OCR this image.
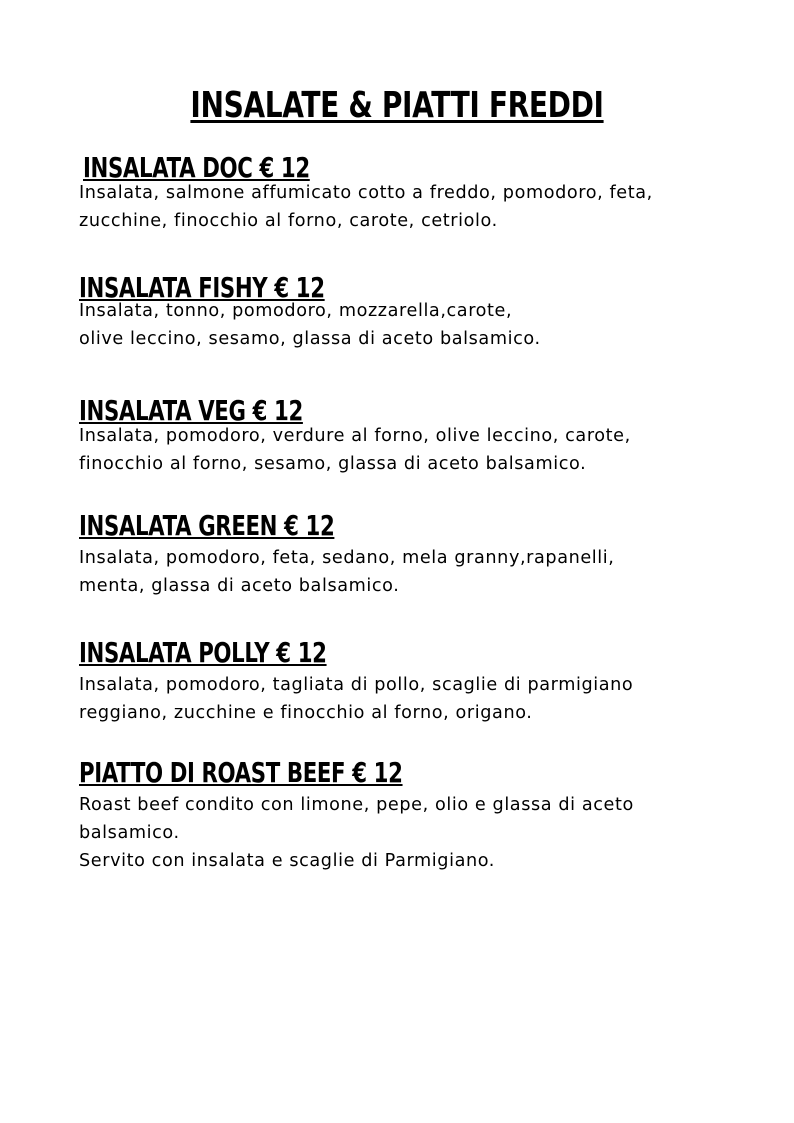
INSALATE & PIATTI FREDDI
INSALATA DOC € 12

Insalata, salmone affumicato cotto a freddo, pomodoro, feta,
zucchine, finocchio al forno, carote, cetriolo.

INSALATA FISHY € 12

Insalata, tonno, pomodoro, mozzarella,carote,
olive leccino, sesamo, glassa di aceto balsamico.

INSALATA VEG € 12

Insalata, pomodoro, verdure al forno, olive leccino, carote,
finocchio al forno, sesamo, glassa di aceto balsamico.

INSALATA GREEN € 12

Insalata, pomodoro, feta, sedano, mela granny,rapanelli,
menta, glassa di aceto balsamico.

INSALATA POLLY € 12

Insalata, pomodoro, tagliata di pollo, scaglie di parmigiano
reggiano, zucchine e finocchio al forno, origano.

PIATTO DI ROAST BEEF € 12

Roast beef condito con limone, pepe, olio e glassa di aceto
balsamico.
Servito con insalata e scaglie di Parmigiano.
